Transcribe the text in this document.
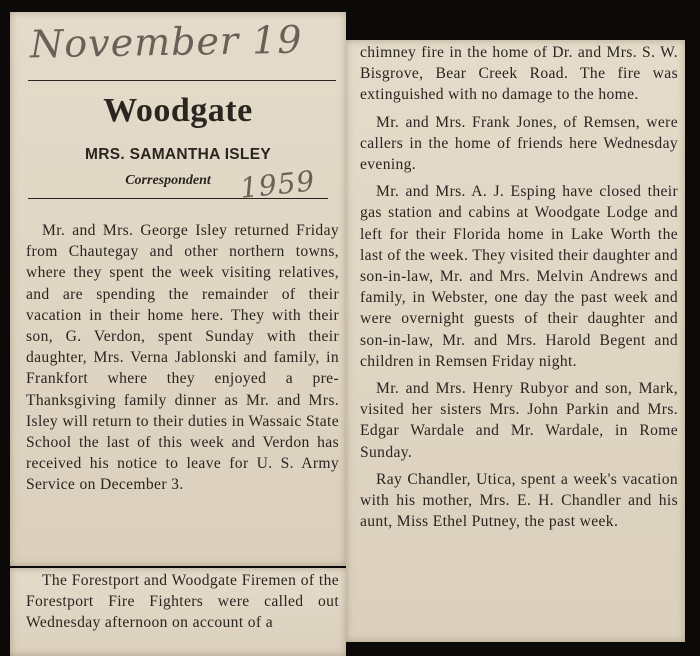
November 19
Woodgate
MRS. SAMANTHA ISLEY
Correspondent 1959

Mr. and Mrs. George Isley returned Friday from Chautegay and other northern towns, where they spent the week visiting relatives, and are spending the remainder of their vacation in their home here. They with their son, G. Verdon, spent Sunday with their daughter, Mrs. Verna Jablonski and family, in Frankfort where they enjoyed a pre-Thanksgiving family dinner as Mr. and Mrs. Isley will return to their duties in Wassaic State School the last of this week and Verdon has received his notice to leave for U. S. Army Service on December 3.

The Forestport and Woodgate Firemen of the Forestport Fire Fighters were called out Wednesday afternoon on account of a

chimney fire in the home of Dr. and Mrs. S. W. Bisgrove, Bear Creek Road. The fire was extinguished with no damage to the home.

Mr. and Mrs. Frank Jones, of Remsen, were callers in the home of friends here Wednesday evening.

Mr. and Mrs. A. J. Esping have closed their gas station and cabins at Woodgate Lodge and left for their Florida home in Lake Worth the last of the week. They visited their daughter and son-in-law, Mr. and Mrs. Melvin Andrews and family, in Webster, one day the past week and were overnight guests of their daughter and son-in-law, Mr. and Mrs. Harold Begent and children in Remsen Friday night.

Mr. and Mrs. Henry Rubyor and son, Mark, visited her sisters Mrs. John Parkin and Mrs. Edgar Wardale and Mr. Wardale, in Rome Sunday.

Ray Chandler, Utica, spent a week's vacation with his mother, Mrs. E. H. Chandler and his aunt, Miss Ethel Putney, the past week.
